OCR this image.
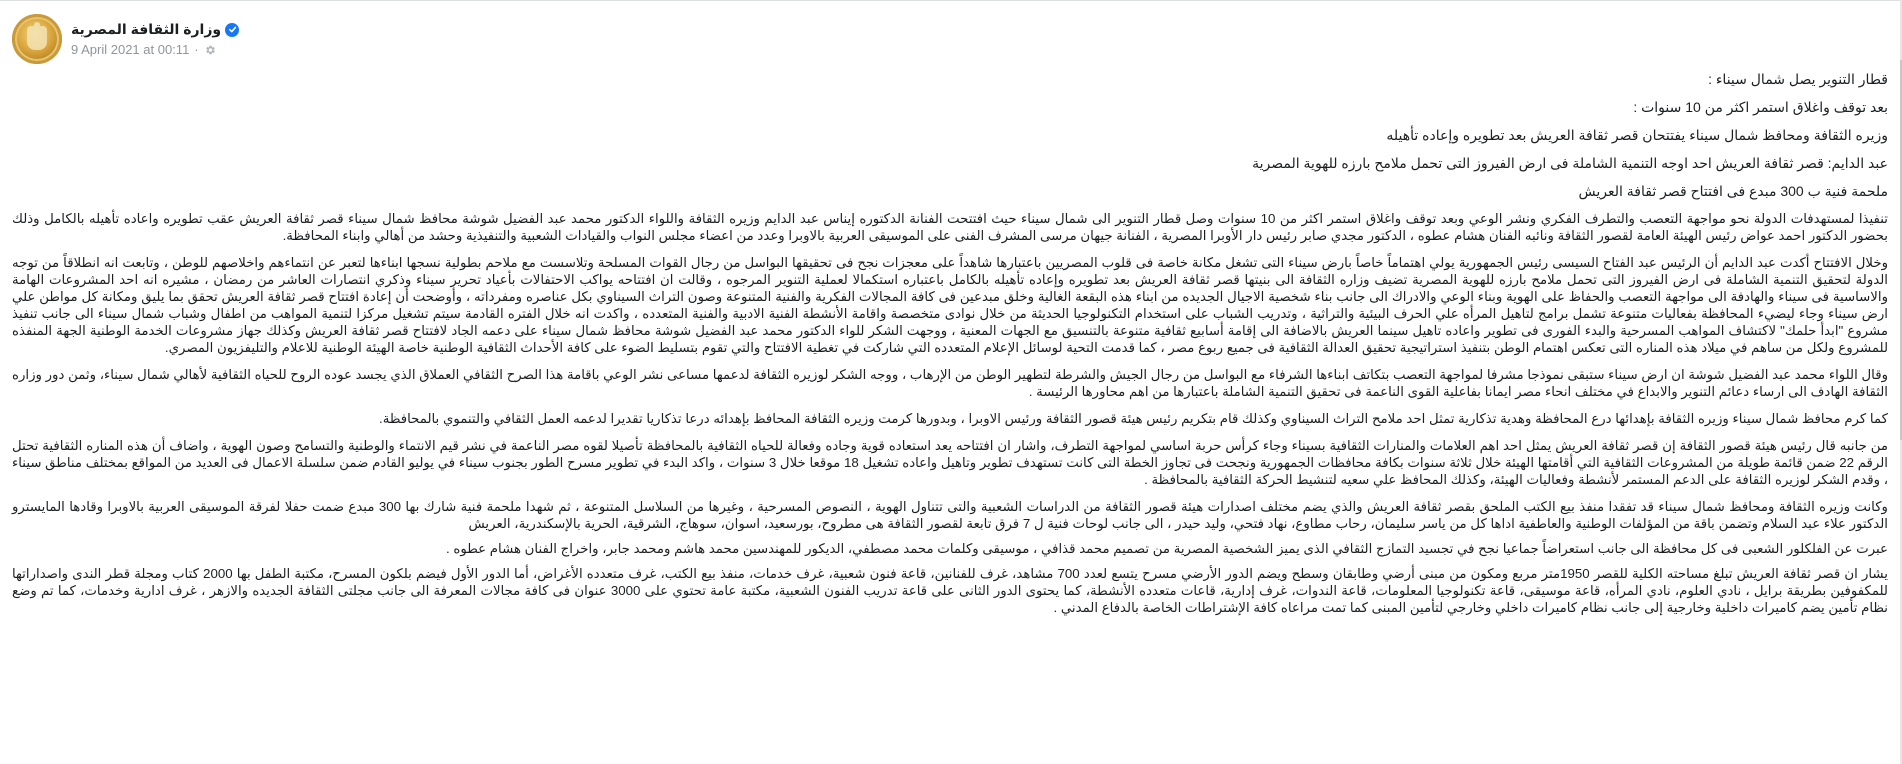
وزارة الثقافة المصرية
9 April 2021 at 00:11 ·

قطار التنوير يصل شمال سيناء :

بعد توقف واغلاق استمر اكثر من 10 سنوات :

وزيره الثقافة ومحافظ شمال سيناء يفتتحان قصر ثقافة العريش بعد تطويره وإعاده تأهيله

عبد الدايم: قصر ثقافة العريش احد اوجه التنمية الشاملة فى ارض الفيروز التى تحمل ملامح بارزه للهوية المصرية

ملحمة فنية ب 300 مبدع فى افتتاح قصر ثقافة العريش

تنفيذا لمستهدفات الدولة نحو مواجهة التعصب والتطرف الفكري ونشر الوعي وبعد توقف واغلاق استمر اكثر من 10 سنوات وصل قطار التنوير الى شمال سيناء حيث افتتحت الفنانة الدكتوره إيناس عبد الدايم وزيره الثقافة واللواء الدكتور محمد عبد الفضيل شوشة محافظ شمال سيناء قصر ثقافة العريش عقب تطويره واعاده تأهيله بالكامل وذلك بحضور الدكتور احمد عواض رئيس الهيئة العامة لقصور الثقافة ونائبه الفنان هشام عطوه ، الدكتور مجدي صابر رئيس دار الأوبرا المصرية ، الفنانة جيهان مرسى المشرف الفنى على الموسيقى العربية بالاوبرا وعدد من اعضاء مجلس النواب والقيادات الشعبية والتنفيذية وحشد من أهالي وابناء المحافظة.

وخلال الافتتاح أكدت عبد الدايم أن الرئيس عبد الفتاح السيسى رئيس الجمهورية يولي اهتماماً خاصاً بارض سيناء التى تشغل مكانة خاصة فى قلوب المصريين باعتبارها شاهداً على معجزات نجح فى تحقيقها البواسل من رجال القوات المسلحة وتلاسست مع ملاحم بطولية نسجها ابناءها لتعبر عن انتماءهم واخلاصهم للوطن ، وتابعت انه انطلاقاً من توجه الدولة لتحقيق التنمية الشاملة فى ارض الفيروز التى تحمل ملامح بارزه للهوية المصرية تضيف وزاره الثقافة الى بنيتها قصر ثقافة العريش بعد تطويره وإعاده تأهيله بالكامل باعتباره استكمالا لعملية التنوير المرجوه ، وقالت ان افتتاحه يواكب الاحتفالات بأعياد تحرير سيناء وذكري انتصارات العاشر من رمضان ، مشيره انه احد المشروعات الهامة والاساسية فى سيناء والهادفة الى مواجهة التعصب والحفاظ على الهوية وبناء الوعي والادراك الى جانب بناء شخصية الاجيال الجديده من ابناء هذه البقعة الغالية وخلق مبدعين فى كافة المجالات الفكرية والفنية المتنوعة وصون التراث السيناوي بكل عناصره ومفرداته ، وأوضحت أن إعادة افتتاح قصر ثقافة العريش تحقق بما يليق ومكانة كل مواطن علي ارض سيناء وجاء ليضيء المحافظة بفعاليات متنوعة تشمل برامج لتاهيل المرأه علي الحرف البيئية والتراثية ، وتدريب الشباب على استخدام التكنولوجيا الحديثة من خلال نوادى متخصصة واقامة الأنشطة الفنية الادبية والفنية المتعدده ، واكدت انه خلال الفتره القادمة سيتم تشغيل مركزا لتنمية المواهب من اطفال وشباب شمال سيناء الى جانب تنفيذ مشروع "ابدأ حلمك" لاكتشاف المواهب المسرحية والبدء الفورى فى تطوير واعاده تاهيل سينما العريش بالاضافة الى إقامة أسابيع ثقافية متنوعة بالتنسيق مع الجهات المعنية ، ووجهت الشكر للواء الدكتور محمد عبد الفضيل شوشة محافظ شمال سيناء على دعمه الجاد لافتتاح قصر ثقافة العريش وكذلك جهاز مشروعات الخدمة الوطنية الجهة المنفذه للمشروع ولكل من ساهم في ميلاد هذه المناره التى تعكس اهتمام الوطن بتنفيذ استراتيجية تحقيق العدالة الثقافية فى جميع ربوع مصر ، كما قدمت التحية لوسائل الإعلام المتعدده التي شاركت في تغطية الافتتاح والتي تقوم بتسليط الضوء على كافة الأحداث الثقافية الوطنية خاصة الهيئة الوطنية للاعلام والتليفزيون المصري.

وقال اللواء محمد عبد الفضيل شوشة ان ارض سيناء ستبقى نموذجا مشرفا لمواجهة التعصب بتكاتف ابناءها الشرفاء مع البواسل من رجال الجيش والشرطة لتطهير الوطن من الإرهاب ، ووجه الشكر لوزيره الثقافة لدعمها مساعى نشر الوعي باقامة هذا الصرح الثقافي العملاق الذي يجسد عوده الروح للحياه الثقافية لأهالي شمال سيناء، وثمن دور وزاره الثقافة الهادف الى ارساء دعائم التنوير والابداع في مختلف انحاء مصر ايمانا بفاعلية القوى الناعمة فى تحقيق التنمية الشاملة باعتبارها من اهم محاورها الرئيسة .

كما كرم محافظ شمال سيناء وزيره الثقافة بإهدائها درع المحافظة وهدية تذكارية تمثل احد ملامح التراث السيناوي وكذلك قام بتكريم رئيس هيئة قصور الثقافة ورئيس الاوبرا ، وبدورها كرمت وزيره الثقافة المحافظ بإهدائه درعا تذكاريا تقديرا لدعمه العمل الثقافي والتنموي بالمحافظة.

من جانبه قال رئيس هيئة قصور الثقافة إن قصر ثقافة العريش يمثل احد اهم العلامات والمنارات الثقافية بسيناء وجاء كرأس حربة اساسي لمواجهة التطرف، واشار ان افتتاحه يعد استعاده قوية وجاده وفعالة للحياه الثقافية بالمحافظة تأصيلا لقوه مصر الناعمة في نشر قيم الانتماء والوطنية والتسامح وصون الهوية ، واضاف أن هذه المناره الثقافية تحتل الرقم 22 ضمن قائمة طويلة من المشروعات الثقافية التي أقامتها الهيئة خلال ثلاثة سنوات بكافة محافظات الجمهورية ونجحت فى تجاوز الخطة التى كانت تستهدف تطوير وتاهيل واعاده تشغيل 18 موقعا خلال 3 سنوات ، واكد البدء في تطوير مسرح الطور بجنوب سيناء في يوليو القادم ضمن سلسلة الاعمال فى العديد من المواقع بمختلف مناطق سيناء ، وقدم الشكر لوزيره الثقافة على الدعم المستمر لأنشطة وفعاليات الهيئة، وكذلك المحافظ علي سعيه لتنشيط الحركة الثقافية بالمحافظة .

وكانت وزيره الثقافة ومحافظ شمال سيناء قد تفقدا منفذ بيع الكتب الملحق بقصر ثقافة العريش والذي يضم مختلف اصدارات هيئة قصور الثقافة من الدراسات الشعبية والتى تتناول الهوية ، النصوص المسرحية ، وغيرها من السلاسل المتنوعة ، ثم شهدا ملحمة فنية شارك بها 300 مبدع ضمت حفلا لفرقة الموسيقى العربية بالاوبرا وقادها المايسترو الدكتور علاء عبد السلام وتضمن باقة من المؤلفات الوطنية والعاطفية اداها كل من ياسر سليمان، رحاب مطاوع، نهاد فتحي، وليد حيدر ، الى جانب لوحات فنية ل 7 فرق تابعة لقصور الثقافة هى مطروح، بورسعيد، اسوان، سوهاج، الشرقية، الحرية بالإسكندرية، العريش

عبرت عن الفلكلور الشعبى فى كل محافظة الى جانب استعراضاً جماعيا نجح في تجسيد التمازج الثقافي الذى يميز الشخصية المصرية من تصميم محمد قذافي ، موسيقى وكلمات محمد مصطفي، الديكور للمهندسين محمد هاشم ومحمد جابر، واخراج الفنان هشام عطوه .

يشار ان قصر ثقافة العريش تبلغ مساحته الكلية للقصر 1950متر مربع ومكون من مبنى أرضي وطابقان وسطح ويضم الدور الأرضي مسرح يتسع لعدد 700 مشاهد، غرف للفنانين، قاعة فنون شعبية، غرف خدمات، منفذ بيع الكتب، غرف متعدده الأغراض، أما الدور الأول فيضم بلكون المسرح، مكتبة الطفل بها 2000 كتاب ومجلة قطر الندى واصداراتها للمكفوفين بطريقة برايل ، نادي العلوم، نادي المرأه، قاعة موسيقى، قاعة تكنولوجيا المعلومات، قاعة الندوات، غرف إدارية، قاعات متعدده الأنشطة، كما يحتوى الدور الثانى على قاعة تدريب الفنون الشعبية، مكتبة عامة تحتوي على 3000 عنوان فى كافة مجالات المعرفة الى جانب مجلتى الثقافة الجديده والازهر ، غرف ادارية وخدمات، كما تم وضع نظام تأمين يضم كاميرات داخلية وخارجية إلى جانب نظام كاميرات داخلي وخارجي لتأمين المبنى كما تمت مراعاه كافة الإشتراطات الخاصة بالدفاع المدني .
